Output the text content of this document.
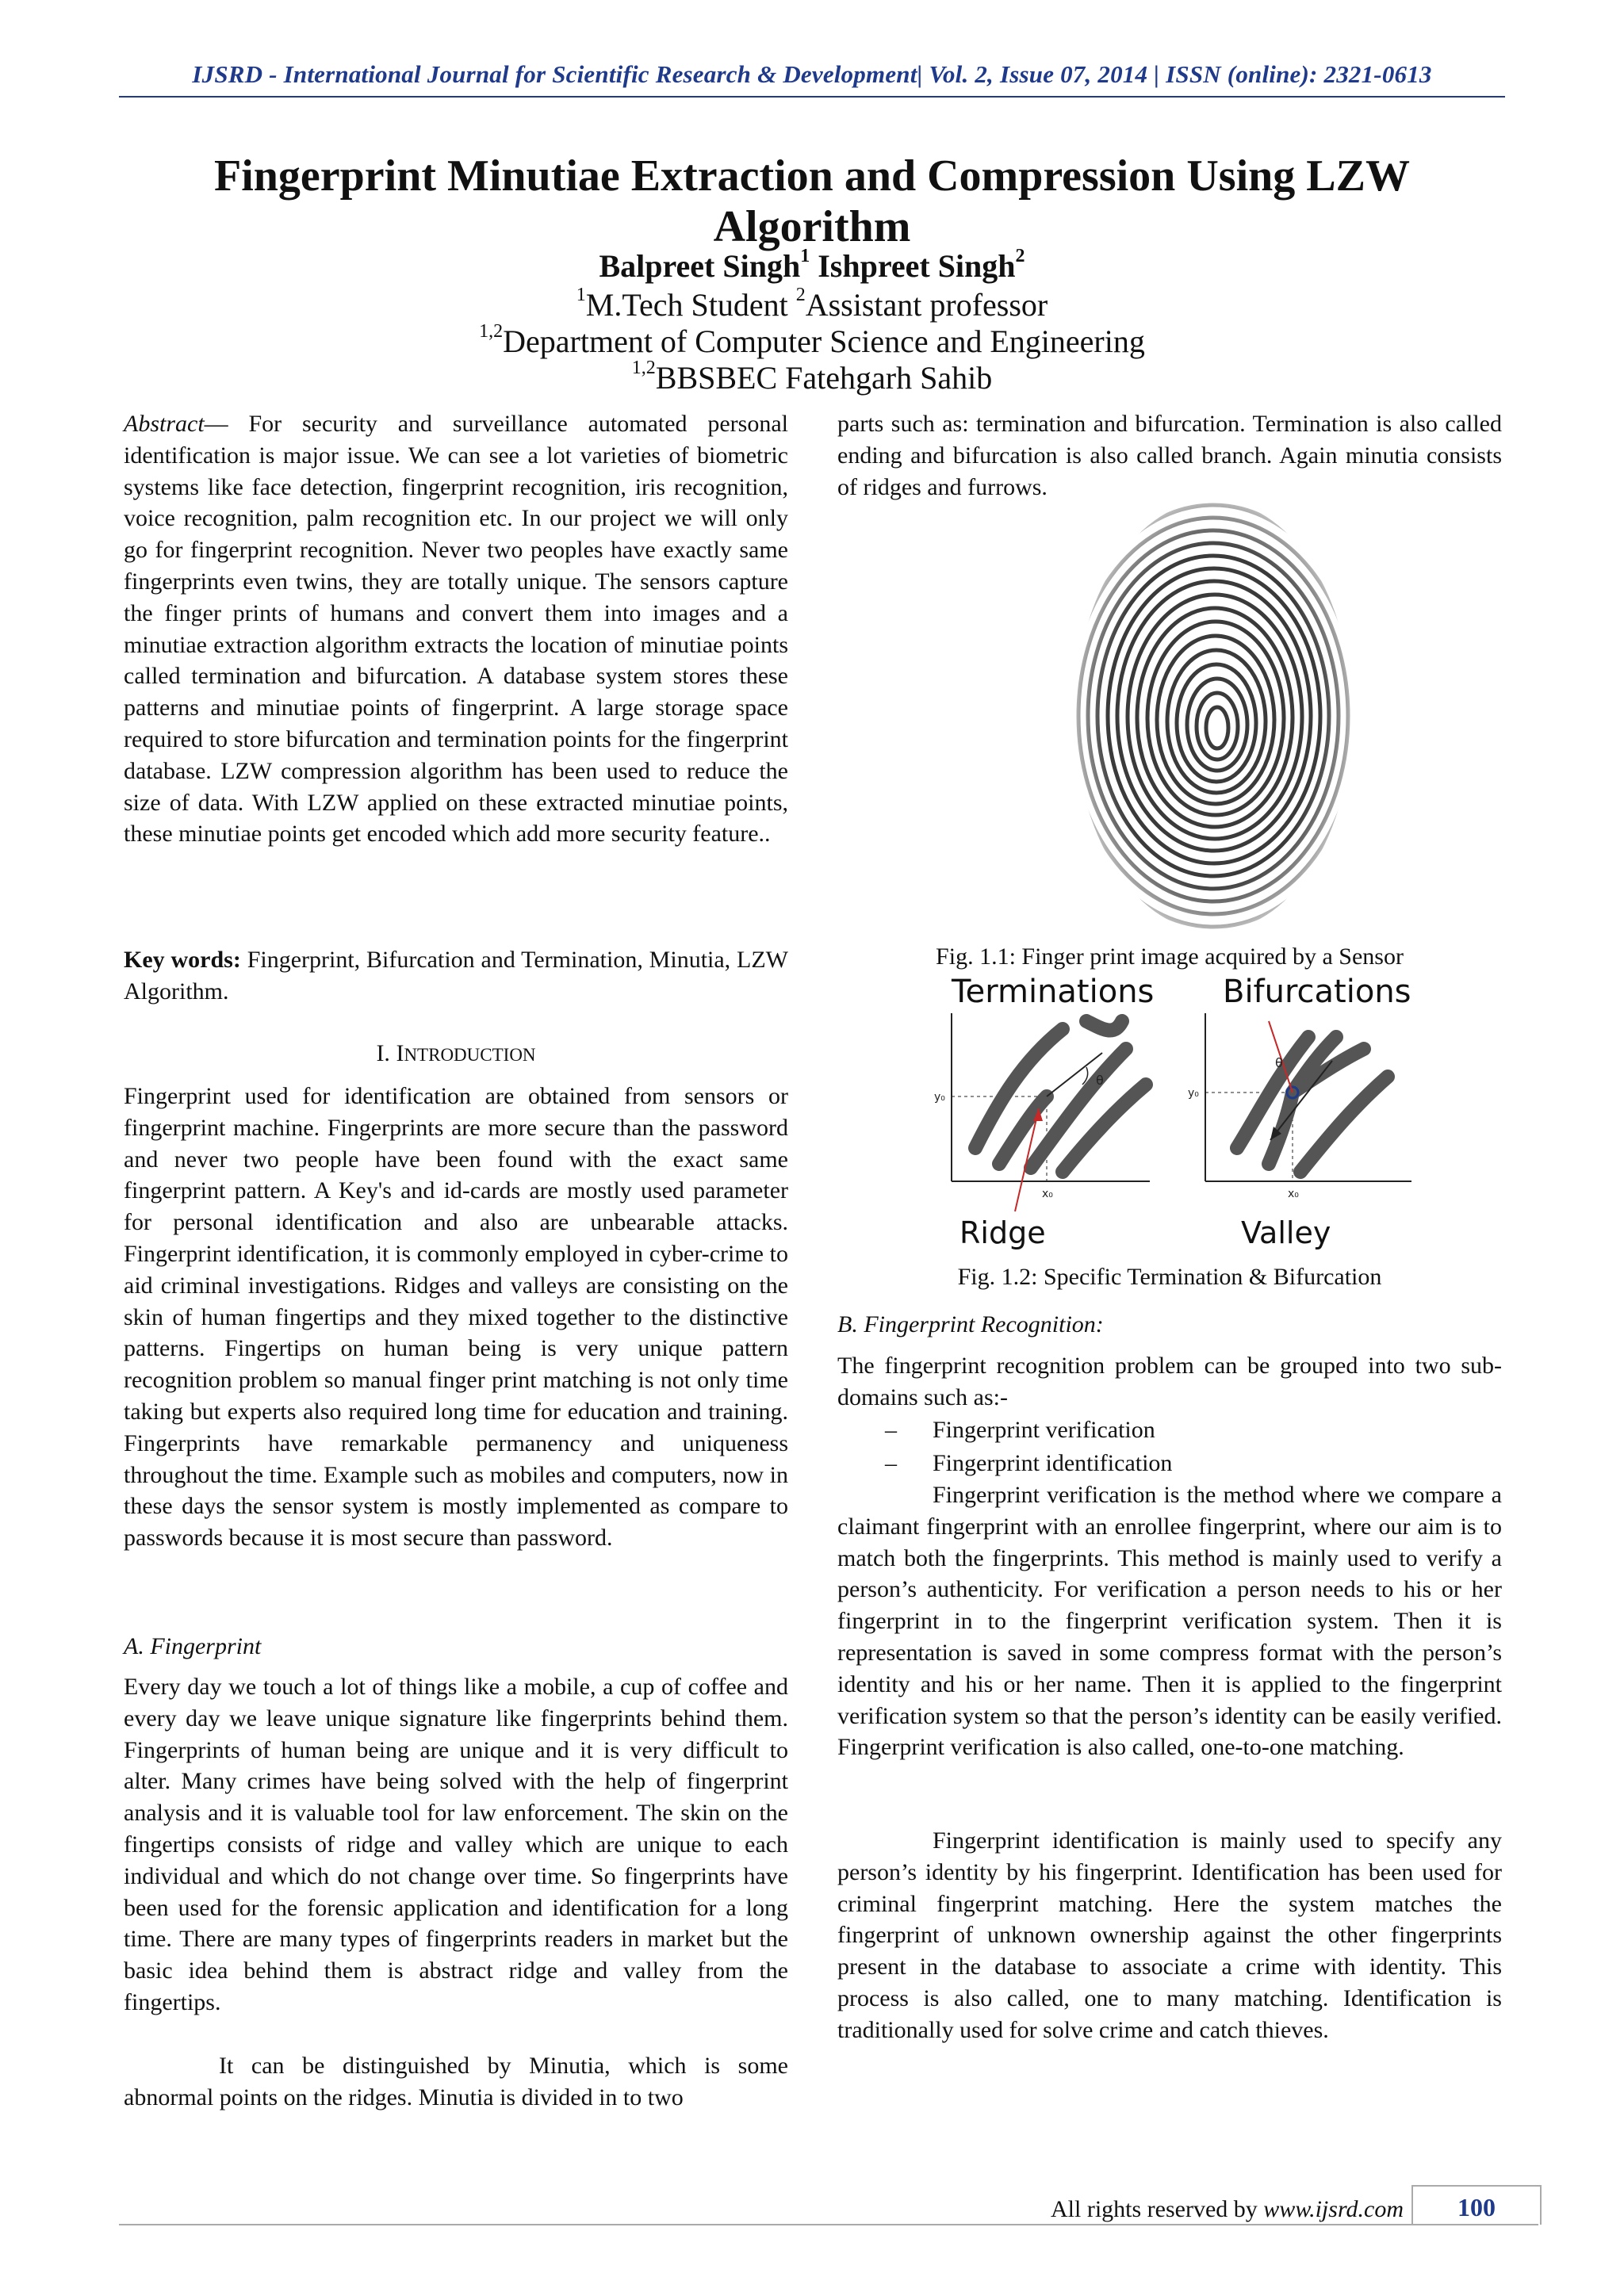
IJSRD - International Journal for Scientific Research & Development| Vol. 2, Issue 07, 2014 | ISSN (online): 2321-0613
Fingerprint Minutiae Extraction and Compression Using LZW
Algorithm
Balpreet Singh$^1$ Ishpreet Singh$^2$
$^1$M.Tech Student $^2$Assistant professor
$^{1,2}$Department of Computer Science and Engineering
$^{1,2}$BBSBEC Fatehgarh Sahib
Abstract— For security and surveillance automated personal identification is major issue. We can see a lot varieties of biometric systems like face detection, fingerprint recognition, iris recognition, voice recognition, palm recognition etc. In our project we will only go for fingerprint recognition. Never two peoples have exactly same fingerprints even twins, they are totally unique. The sensors capture the finger prints of humans and convert them into images and a minutiae extraction algorithm extracts the location of minutiae points called termination and bifurcation. A database system stores these patterns and minutiae points of fingerprint. A large storage space required to store bifurcation and termination points for the fingerprint database. LZW compression algorithm has been used to reduce the size of data. With LZW applied on these extracted minutiae points, these minutiae points get encoded which add more security feature..
Key words: Fingerprint, Bifurcation and Termination, Minutia, LZW Algorithm.
I. INTRODUCTION
Fingerprint used for identification are obtained from sensors or fingerprint machine. Fingerprints are more secure than the password and never two people have been found with the exact same fingerprint pattern. A Key's and id-cards are mostly used parameter for personal identification and also are unbearable attacks. Fingerprint identification, it is commonly employed in cyber-crime to aid criminal investigations. Ridges and valleys are consisting on the skin of human fingertips and they mixed together to the distinctive patterns. Fingertips on human being is very unique pattern recognition problem so manual finger print matching is not only time taking but experts also required long time for education and training. Fingerprints have remarkable permanency and uniqueness throughout the time. Example such as mobiles and computers, now in these days the sensor system is mostly implemented as compare to passwords because it is most secure than password.
A. Fingerprint
Every day we touch a lot of things like a mobile, a cup of coffee and every day we leave unique signature like fingerprints behind them. Fingerprints of human being are unique and it is very difficult to alter. Many crimes have being solved with the help of fingerprint analysis and it is valuable tool for law enforcement. The skin on the fingertips consists of ridge and valley which are unique to each individual and which do not change over time. So fingerprints have been used for the forensic application and identification for a long time. There are many types of fingerprints readers in market but the basic idea behind them is abstract ridge and valley from the fingertips.
It can be distinguished by Minutia, which is some abnormal points on the ridges. Minutia is divided in to two
parts such as: termination and bifurcation. Termination is also called ending and bifurcation is also called branch. Again minutia consists of ridges and furrows.
Fig. 1.1: Finger print image acquired by a Sensor
Terminations Bifurcations
y₀
x₀
θ
y₀
x₀
θ
Ridge	Valley
Fig. 1.2: Specific Termination & Bifurcation
B. Fingerprint Recognition:
The fingerprint recognition problem can be grouped into two sub-domains such as:-
– Fingerprint verification
– Fingerprint identification
Fingerprint verification is the method where we compare a claimant fingerprint with an enrollee fingerprint, where our aim is to match both the fingerprints. This method is mainly used to verify a person’s authenticity. For verification a person needs to his or her fingerprint in to the fingerprint verification system. Then it is representation is saved in some compress format with the person’s identity and his or her name. Then it is applied to the fingerprint verification system so that the person’s identity can be easily verified. Fingerprint verification is also called, one-to-one matching.
Fingerprint identification is mainly used to specify any person’s identity by his fingerprint. Identification has been used for criminal fingerprint matching. Here the system matches the fingerprint of unknown ownership against the other fingerprints present in the database to associate a crime with identity. This process is also called, one to many matching. Identification is traditionally used for solve crime and catch thieves.
All rights reserved by www.ijsrd.com	100
